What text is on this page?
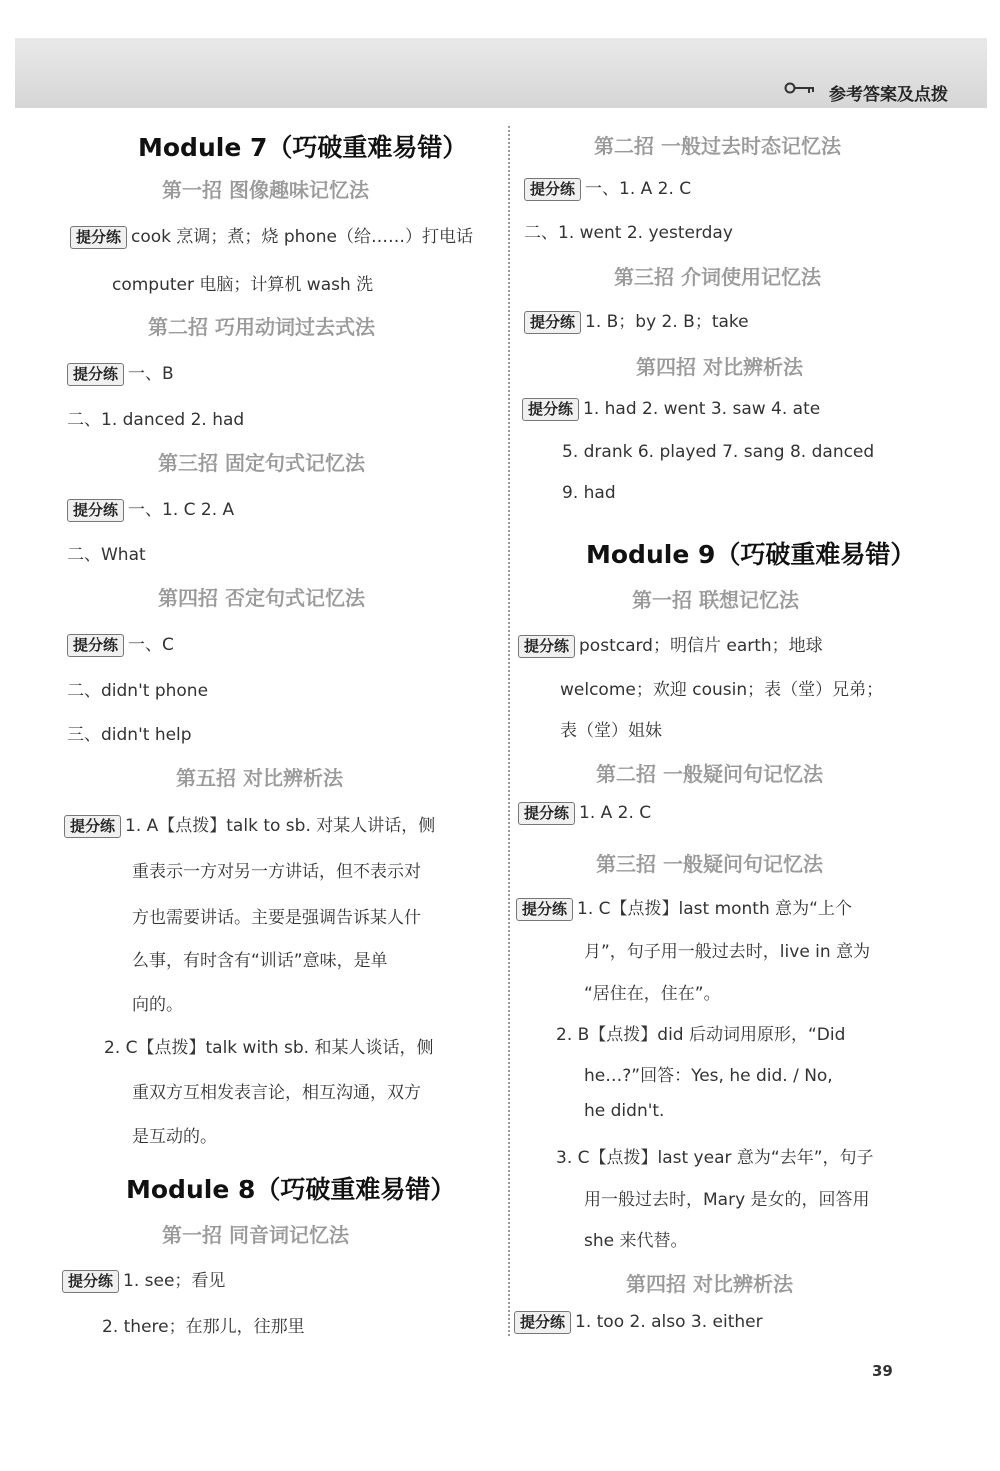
参考答案及点拨
Module 7（巧破重难易错）
第一招 图像趣味记忆法
提分练 cook 烹调；煮；烧 phone（给……）打电话
computer 电脑；计算机 wash 洗
第二招 巧用动词过去式法
提分练 一、B
二、1. danced 2. had
第三招 固定句式记忆法
提分练 一、1. C 2. A
二、What
第四招 否定句式记忆法
提分练 一、C
二、didn't phone
三、didn't help
第五招 对比辨析法
提分练 1. A【点拨】talk to sb. 对某人讲话，侧
重表示一方对另一方讲话，但不表示对
方也需要讲话。主要是强调告诉某人什
么事，有时含有“训话”意味，是单
向的。
2. C【点拨】talk with sb. 和某人谈话，侧
重双方互相发表言论，相互沟通，双方
是互动的。
Module 8（巧破重难易错）
第一招 同音词记忆法
提分练 1. see；看见
2. there；在那儿，往那里
第二招 一般过去时态记忆法
提分练 一、1. A 2. C
二、1. went 2. yesterday
第三招 介词使用记忆法
提分练 1. B；by 2. B；take
第四招 对比辨析法
提分练 1. had 2. went 3. saw 4. ate
5. drank 6. played 7. sang 8. danced
9. had
Module 9（巧破重难易错）
第一招 联想记忆法
提分练 postcard；明信片 earth；地球
welcome；欢迎 cousin；表（堂）兄弟；
表（堂）姐妹
第二招 一般疑问句记忆法
提分练 1. A 2. C
第三招 一般疑问句记忆法
提分练 1. C【点拨】last month 意为“上个
月”，句子用一般过去时，live in 意为
“居住在，住在”。
2. B【点拨】did 后动词用原形，“Did
he…?”回答：Yes, he did. / No,
he didn't.
3. C【点拨】last year 意为“去年”，句子
用一般过去时，Mary 是女的，回答用
she 来代替。
第四招 对比辨析法
提分练 1. too 2. also 3. either
39
